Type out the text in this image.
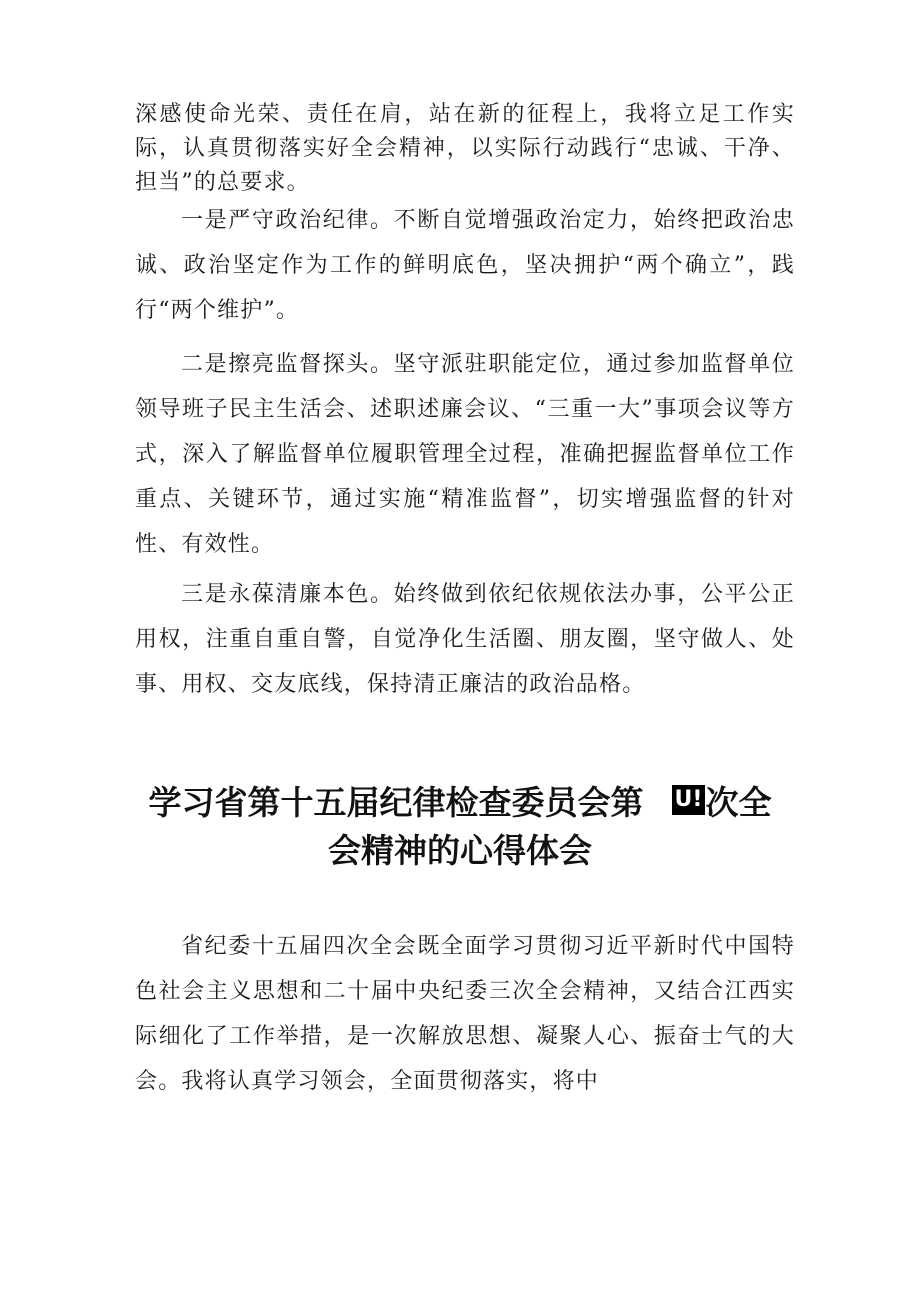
深感使命光荣、责任在肩，站在新的征程上，我将立足工作实际，认真贯彻落实好全会精神，以实际行动践行“忠诚、干净、担当”的总要求。

一是严守政治纪律。不断自觉增强政治定力，始终把政治忠诚、政治坚定作为工作的鲜明底色，坚决拥护“两个确立”，践行“两个维护”。

二是擦亮监督探头。坚守派驻职能定位，通过参加监督单位领导班子民主生活会、述职述廉会议、“三重一大”事项会议等方式，深入了解监督单位履职管理全过程，准确把握监督单位工作重点、关键环节，通过实施“精准监督”，切实增强监督的针对性、有效性。

三是永葆清廉本色。始终做到依纪依规依法办事，公平公正用权，注重自重自警，自觉净化生活圈、朋友圈，坚守做人、处事、用权、交友底线，保持清正廉洁的政治品格。

学习省第十五届纪律检查委员会第 U!次全
会精神的心得体会

省纪委十五届四次全会既全面学习贯彻习近平新时代中国特色社会主义思想和二十届中央纪委三次全会精神，又结合江西实际细化了工作举措，是一次解放思想、凝聚人心、振奋士气的大会。我将认真学习领会，全面贯彻落实，将中
